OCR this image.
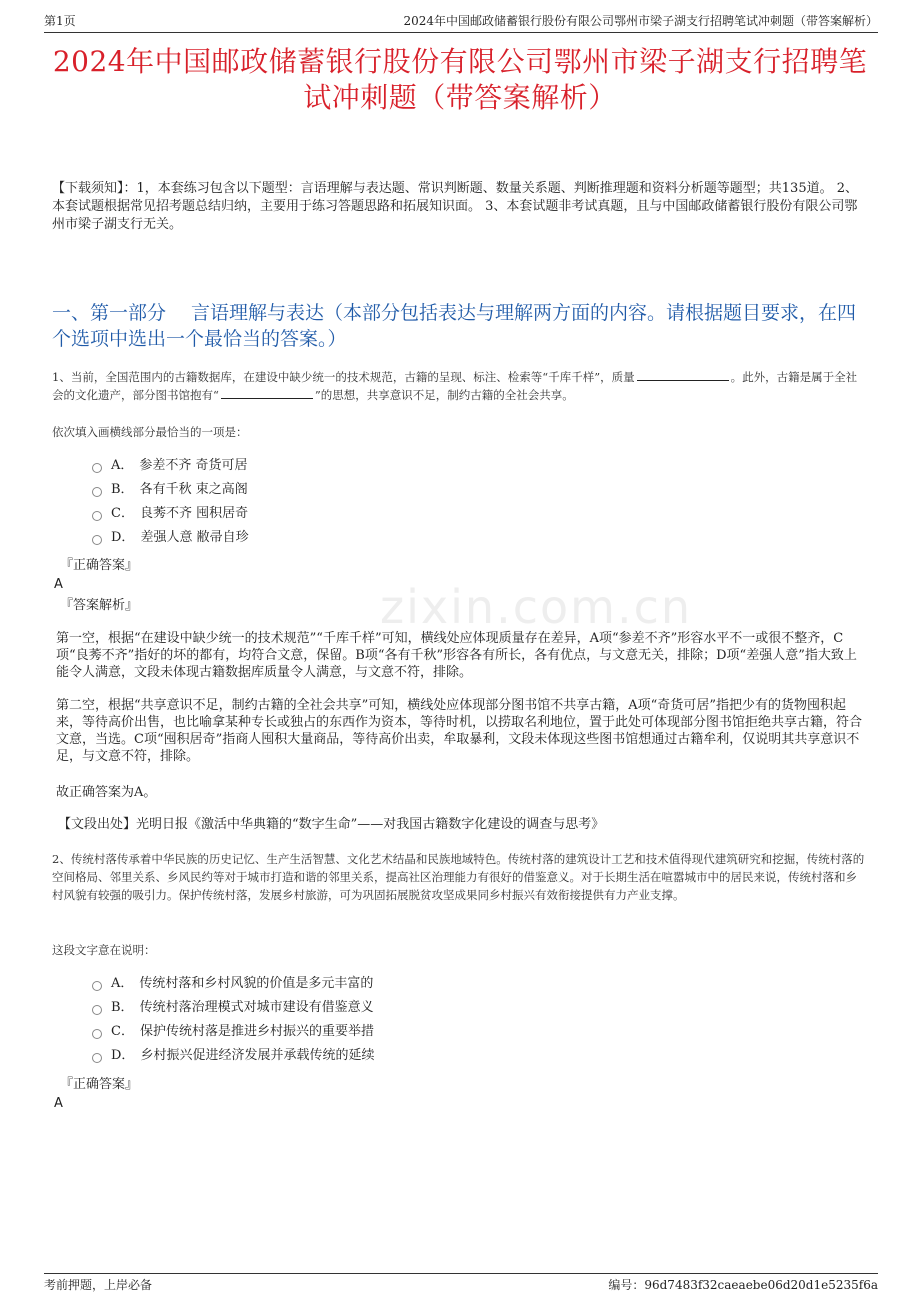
第1页	2024年中国邮政储蓄银行股份有限公司鄂州市梁子湖支行招聘笔试冲刺题（带答案解析）
zixin.com.cn
2024年中国邮政储蓄银行股份有限公司鄂州市梁子湖支行招聘笔试冲刺题（带答案解析）
【下载须知】：1，本套练习包含以下题型：言语理解与表达题、常识判断题、数量关系题、判断推理题和资料分析题等题型；共135道。 2、本套试题根据常见招考题总结归纳，主要用于练习答题思路和拓展知识面。 3、本套试题非考试真题，且与中国邮政储蓄银行股份有限公司鄂州市梁子湖支行无关。
一、第一部分　 言语理解与表达（本部分包括表达与理解两方面的内容。请根据题目要求，在四个选项中选出一个最恰当的答案。）
1、当前，全国范围内的古籍数据库，在建设中缺少统一的技术规范，古籍的呈现、标注、检索等“千库千样”，质量	。此外，古籍是属于全社会的文化遗产，部分图书馆抱有“	”的思想，共享意识不足，制约古籍的全社会共享。
依次填入画横线部分最恰当的一项是：
A． 参差不齐 奇货可居
B． 各有千秋 束之高阁
C． 良莠不齐 囤积居奇
D． 差强人意 敝帚自珍
『正确答案』
A
『答案解析』
第一空，根据“在建设中缺少统一的技术规范”“千库千样”可知，横线处应体现质量存在差异，A项“参差不齐”形容水平不一或很不整齐，C项“良莠不齐”指好的坏的都有，均符合文意，保留。B项“各有千秋”形容各有所长，各有优点，与文意无关，排除；D项“差强人意”指大致上能令人满意，文段未体现古籍数据库质量令人满意，与文意不符，排除。
第二空，根据“共享意识不足，制约古籍的全社会共享”可知，横线处应体现部分图书馆不共享古籍，A项“奇货可居”指把少有的货物囤积起来，等待高价出售，也比喻拿某种专长或独占的东西作为资本，等待时机，以捞取名利地位，置于此处可体现部分图书馆拒绝共享古籍，符合文意，当选。C项“囤积居奇”指商人囤积大量商品，等待高价出卖，牟取暴利，文段未体现这些图书馆想通过古籍牟利，仅说明其共享意识不足，与文意不符，排除。
故正确答案为A。
【文段出处】光明日报《激活中华典籍的“数字生命”——对我国古籍数字化建设的调查与思考》
2、传统村落传承着中华民族的历史记忆、生产生活智慧、文化艺术结晶和民族地域特色。传统村落的建筑设计工艺和技术值得现代建筑研究和挖掘，传统村落的空间格局、邻里关系、乡风民约等对于城市打造和谐的邻里关系，提高社区治理能力有很好的借鉴意义。对于长期生活在喧嚣城市中的居民来说，传统村落和乡村风貌有较强的吸引力。保护传统村落，发展乡村旅游，可为巩固拓展脱贫攻坚成果同乡村振兴有效衔接提供有力产业支撑。
这段文字意在说明：
A． 传统村落和乡村风貌的价值是多元丰富的
B． 传统村落治理模式对城市建设有借鉴意义
C． 保护传统村落是推进乡村振兴的重要举措
D． 乡村振兴促进经济发展并承载传统的延续
『正确答案』
A
考前押题，上岸必备	编号：96d7483f32caeaebe06d20d1e5235f6a
